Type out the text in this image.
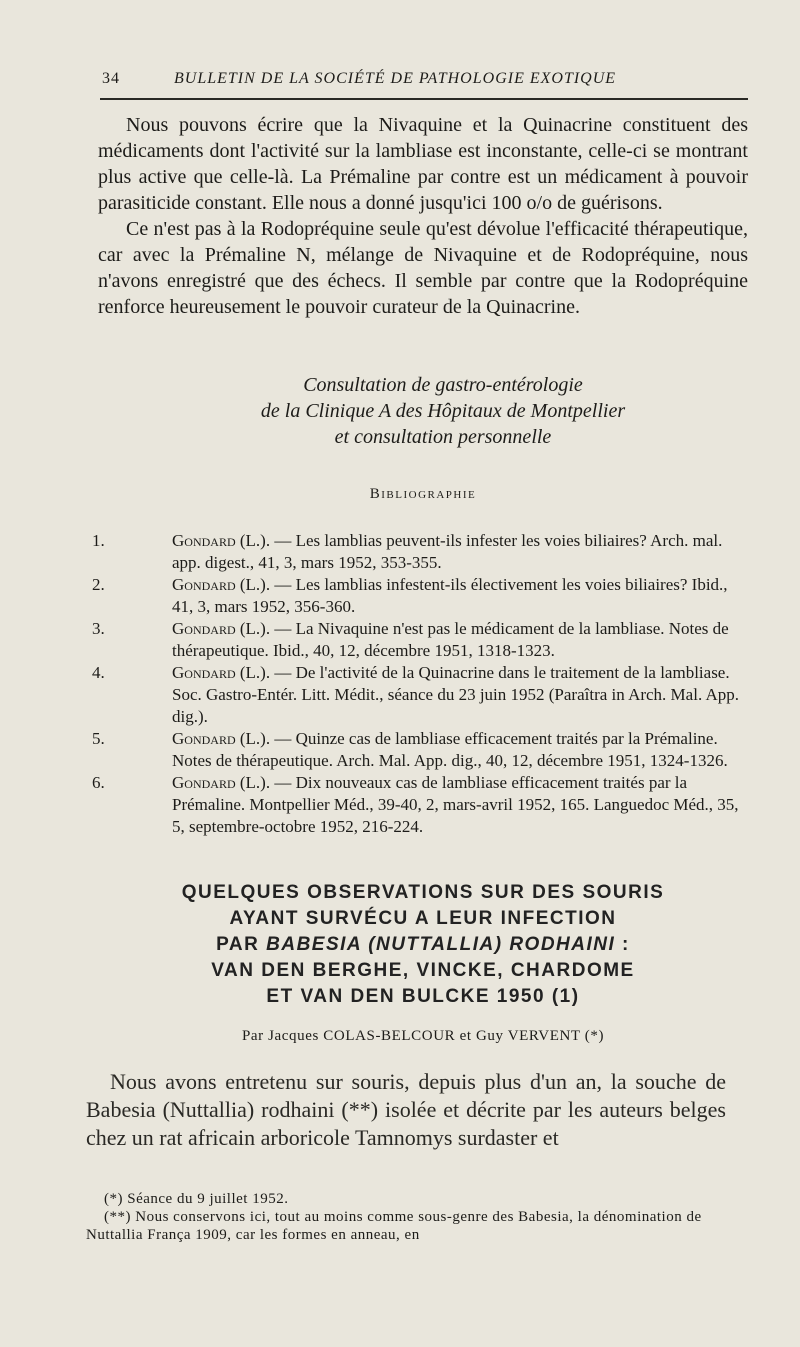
34	BULLETIN DE LA SOCIÉTÉ DE PATHOLOGIE EXOTIQUE

Nous pouvons écrire que la Nivaquine et la Quinacrine constituent des médicaments dont l'activité sur la lambliase est inconstante, celle-ci se montrant plus active que celle-là. La Prémaline par contre est un médicament à pouvoir parasiticide constant. Elle nous a donné jusqu'ici 100 o/o de guérisons.

Ce n'est pas à la Rodopréquine seule qu'est dévolue l'efficacité thérapeutique, car avec la Prémaline N, mélange de Nivaquine et de Rodopréquine, nous n'avons enregistré que des échecs. Il semble par contre que la Rodopréquine renforce heureusement le pouvoir curateur de la Quinacrine.

Consultation de gastro-entérologie
de la Clinique A des Hôpitaux de Montpellier
et consultation personnelle
Bibliographie

1.	Gondard (L.). — Les lamblias peuvent-ils infester les voies biliaires? Arch. mal. app. digest., 41, 3, mars 1952, 353-355.

2.	Gondard (L.). — Les lamblias infestent-ils électivement les voies biliaires? Ibid., 41, 3, mars 1952, 356-360.

3.	Gondard (L.). — La Nivaquine n'est pas le médicament de la lambliase. Notes de thérapeutique. Ibid., 40, 12, décembre 1951, 1318-1323.

4.	Gondard (L.). — De l'activité de la Quinacrine dans le traitement de la lambliase. Soc. Gastro-Entér. Litt. Médit., séance du 23 juin 1952 (Paraîtra in Arch. Mal. App. dig.).

5.	Gondard (L.). — Quinze cas de lambliase efficacement traités par la Prémaline. Notes de thérapeutique. Arch. Mal. App. dig., 40, 12, décembre 1951, 1324-1326.

6.	Gondard (L.). — Dix nouveaux cas de lambliase efficacement traités par la Prémaline. Montpellier Méd., 39-40, 2, mars-avril 1952, 165. Languedoc Méd., 35, 5, septembre-octobre 1952, 216-224.

QUELQUES OBSERVATIONS SUR DES SOURIS
AYANT SURVÉCU A LEUR INFECTION
PAR BABESIA (NUTTALLIA) RODHAINI :
VAN DEN BERGHE, VINCKE, CHARDOME
ET VAN DEN BULCKE 1950 (1)
Par Jacques COLAS-BELCOUR et Guy VERVENT (*)

Nous avons entretenu sur souris, depuis plus d'un an, la souche de Babesia (Nuttallia) rodhaini (**) isolée et décrite par les auteurs belges chez un rat africain arboricole Tamnomys surdaster et

(*) Séance du 9 juillet 1952.

(**) Nous conservons ici, tout au moins comme sous-genre des Babesia, la dénomination de Nuttallia França 1909, car les formes en anneau, en
